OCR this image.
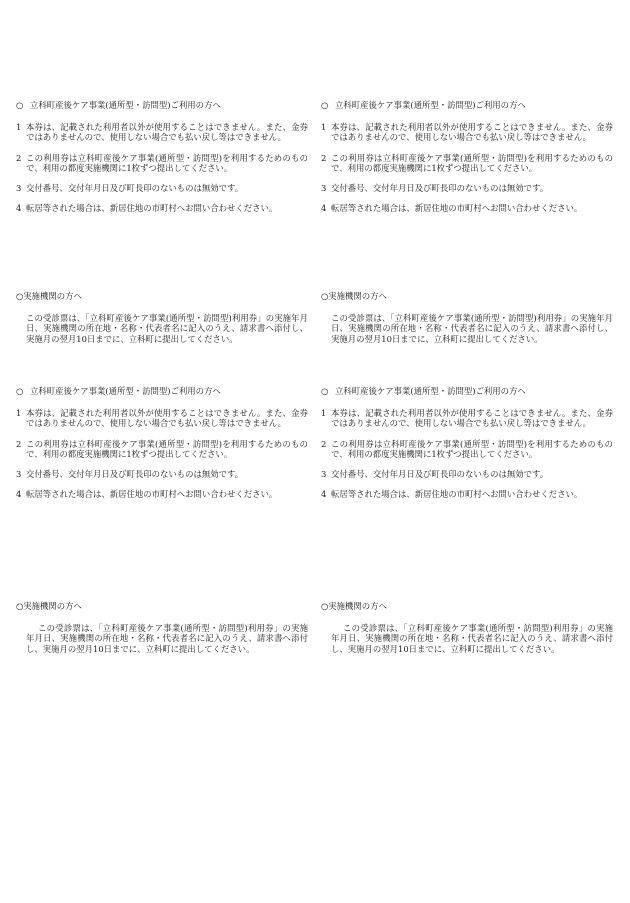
○ 立科町産後ケア事業(通所型・訪問型)ご利用の方へ
1 本券は、記載された利用者以外が使用することはできません。また、金券ではありませんので、使用しない場合でも払い戻し等はできません。
2 この利用券は立科町産後ケア事業(通所型・訪問型)を利用するためのもので、利用の都度実施機関に1枚ずつ提出してください。
3 交付番号、交付年月日及び町長印のないものは無効です。
4 転居等された場合は、新居住地の市町村へお問い合わせください。
○ 立科町産後ケア事業(通所型・訪問型)ご利用の方へ
1 本券は、記載された利用者以外が使用することはできません。また、金券ではありませんので、使用しない場合でも払い戻し等はできません。
2 この利用券は立科町産後ケア事業(通所型・訪問型)を利用するためのもので、利用の都度実施機関に1枚ずつ提出してください。
3 交付番号、交付年月日及び町長印のないものは無効です。
4 転居等された場合は、新居住地の市町村へお問い合わせください。
○実施機関の方へ
この受診票は、「立科町産後ケア事業(通所型・訪問型)利用券」の実施年月日、実施機関の所在地・名称・代表者名に記入のうえ、請求書へ添付し、実施月の翌月10日までに、立科町に提出してください。
○実施機関の方へ
この受診票は、「立科町産後ケア事業(通所型・訪問型)利用券」の実施年月日、実施機関の所在地・名称・代表者名に記入のうえ、請求書へ添付し、実施月の翌月10日までに、立科町に提出してください。
○ 立科町産後ケア事業(通所型・訪問型)ご利用の方へ
1 本券は、記載された利用者以外が使用することはできません。また、金券ではありませんので、使用しない場合でも払い戻し等はできません。
2 この利用券は立科町産後ケア事業(通所型・訪問型)を利用するためのもので、利用の都度実施機関に1枚ずつ提出してください。
3 交付番号、交付年月日及び町長印のないものは無効です。
4 転居等された場合は、新居住地の市町村へお問い合わせください。
○ 立科町産後ケア事業(通所型・訪問型)ご利用の方へ
1 本券は、記載された利用者以外が使用することはできません。また、金券ではありませんので、使用しない場合でも払い戻し等はできません。
2 この利用券は立科町産後ケア事業(通所型・訪問型)を利用するためのもので、利用の都度実施機関に1枚ずつ提出してください。
3 交付番号、交付年月日及び町長印のないものは無効です。
4 転居等された場合は、新居住地の市町村へお問い合わせください。
○実施機関の方へ
この受診票は、「立科町産後ケア事業(通所型・訪問型)利用券」の実施年月日、実施機関の所在地・名称・代表者名に記入のうえ、請求書へ添付し、実施月の翌月10日までに、立科町に提出してください。
○実施機関の方へ
この受診票は、「立科町産後ケア事業(通所型・訪問型)利用券」の実施年月日、実施機関の所在地・名称・代表者名に記入のうえ、請求書へ添付し、実施月の翌月10日までに、立科町に提出してください。
